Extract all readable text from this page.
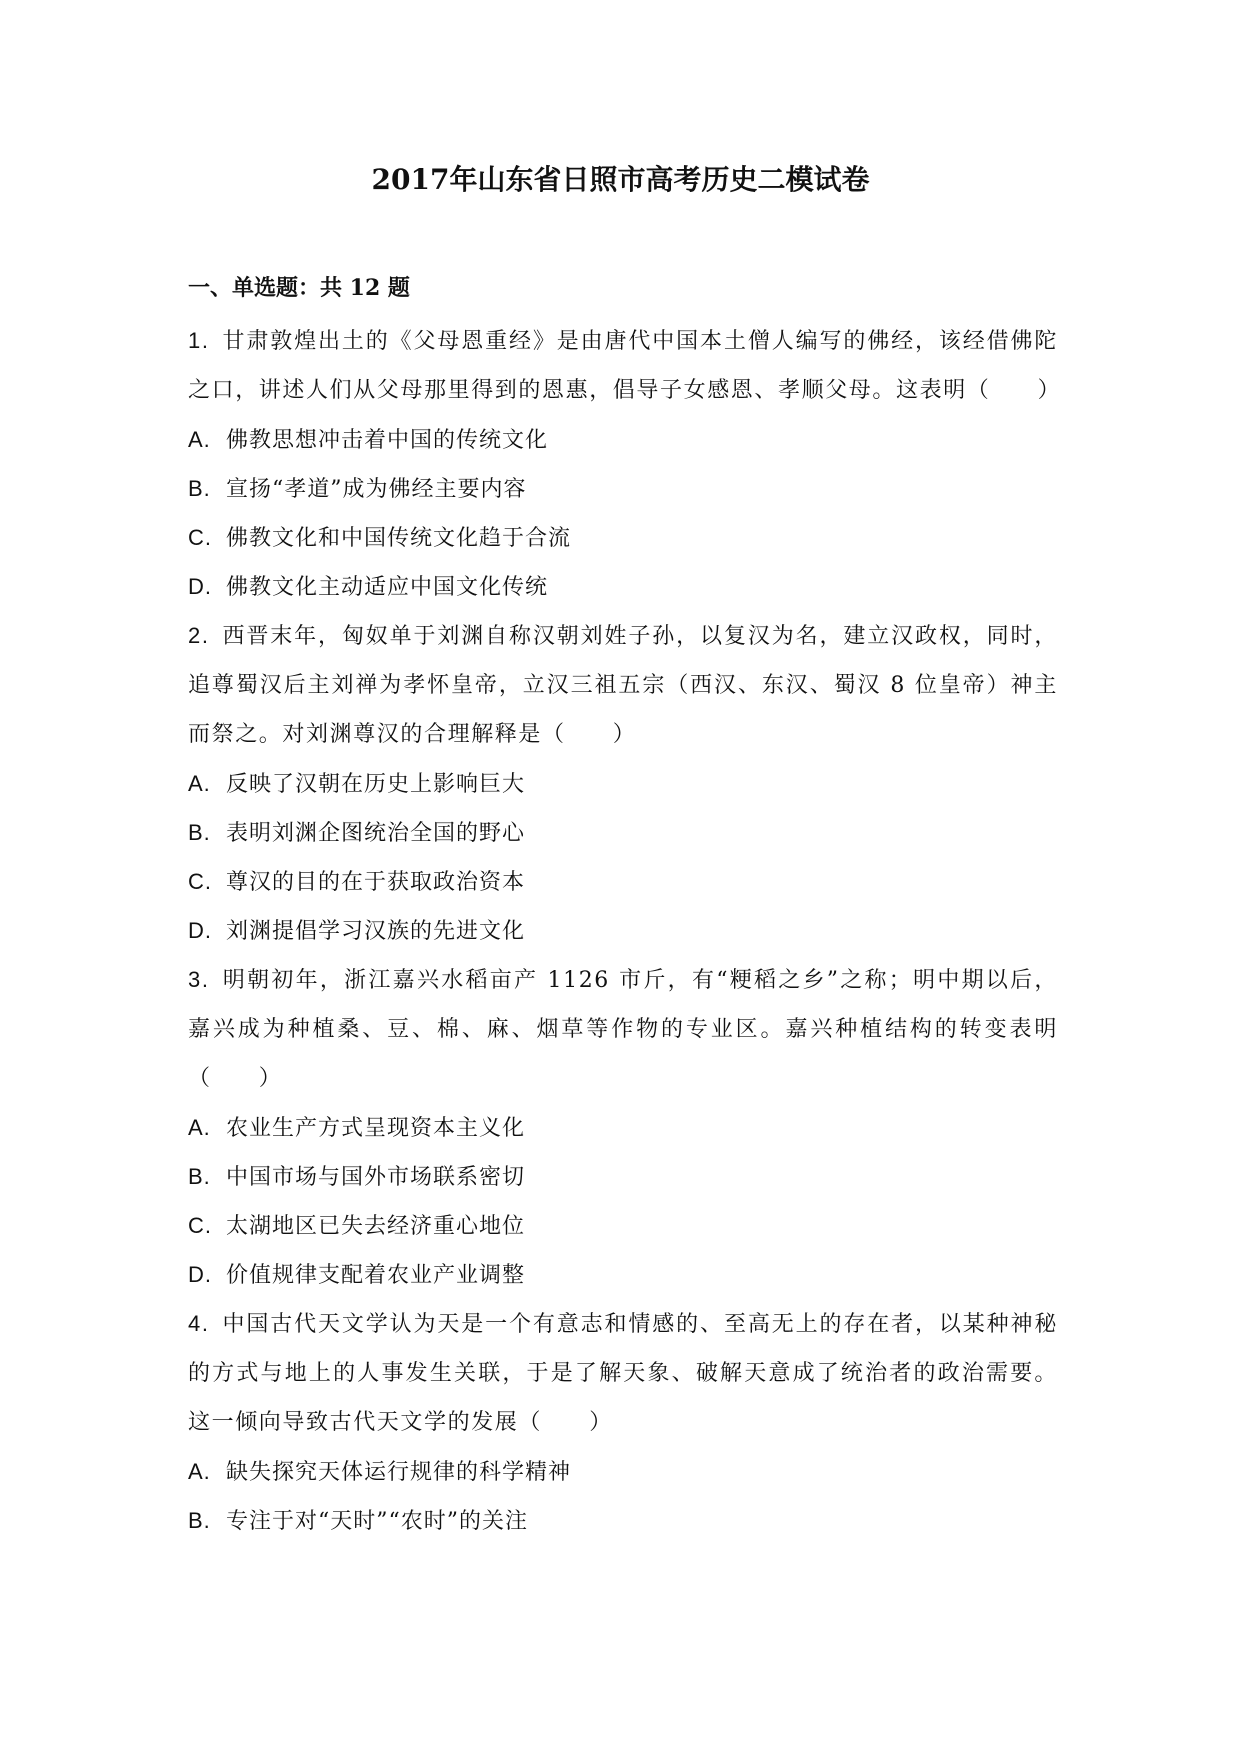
2017年山东省日照市高考历史二模试卷
一、单选题：共 12 题

1.  甘肃敦煌出土的《父母恩重经》是由唐代中国本土僧人编写的佛经，该经借佛陀之口，讲述人们从父母那里得到的恩惠，倡导子女感恩、孝顺父母。这表明（　　）

A. 佛教思想冲击着中国的传统文化
B. 宣扬“孝道”成为佛经主要内容
C. 佛教文化和中国传统文化趋于合流
D. 佛教文化主动适应中国文化传统

2.  西晋末年，匈奴单于刘渊自称汉朝刘姓子孙，以复汉为名，建立汉政权，同时，追尊蜀汉后主刘禅为孝怀皇帝，立汉三祖五宗（西汉、东汉、蜀汉 8 位皇帝）神主而祭之。对刘渊尊汉的合理解释是（　　）

A. 反映了汉朝在历史上影响巨大
B. 表明刘渊企图统治全国的野心
C. 尊汉的目的在于获取政治资本
D. 刘渊提倡学习汉族的先进文化

3.  明朝初年，浙江嘉兴水稻亩产 1126 市斤，有“粳稻之乡”之称；明中期以后，嘉兴成为种植桑、豆、棉、麻、烟草等作物的专业区。嘉兴种植结构的转变表明（　　）

A. 农业生产方式呈现资本主义化
B. 中国市场与国外市场联系密切
C. 太湖地区已失去经济重心地位
D. 价值规律支配着农业产业调整

4.  中国古代天文学认为天是一个有意志和情感的、至高无上的存在者，以某种神秘的方式与地上的人事发生关联，于是了解天象、破解天意成了统治者的政治需要。这一倾向导致古代天文学的发展（　　）

A. 缺失探究天体运行规律的科学精神
B. 专注于对“天时”“农时”的关注
